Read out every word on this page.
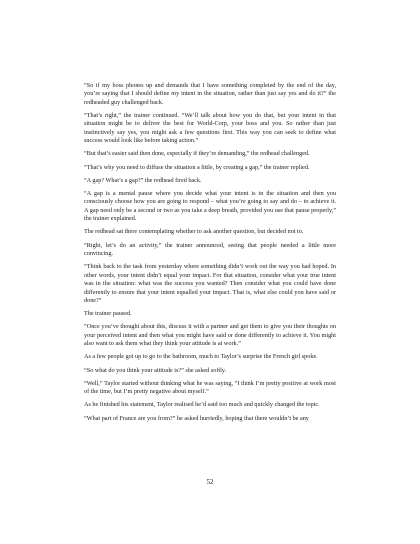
“So if my boss phones up and demands that I have something completed by the end of the day, you’re saying that I should define my intent in the situation, rather than just say yes and do it?” the redheaded guy challenged back.

“That’s right,” the trainer continued. “We’ll talk about how you do that, but your intent in that situation might be to deliver the best for World-Corp, your boss and you. So rather than just instinctively say yes, you might ask a few questions first. This way you can seek to define what success would look like before taking action.”

“But that’s easier said then done, especially if they’re demanding,” the redhead challenged.

“That’s why you need to diffuse the situation a little, by creating a gap,” the trainer replied.

“A gap? What’s a gap?” the redhead fired back.

“A gap is a mental pause where you decide what your intent is in the situation and then you consciously choose how you are going to respond – what you’re going to say and do – to achieve it. A gap need only be a second or two as you take a deep breath, provided you use that pause properly,” the trainer explained.

The redhead sat there contemplating whether to ask another question, but decided not to.

“Right, let’s do an activity,” the trainer announced, seeing that people needed a little more convincing.

“Think back to the task from yesterday where something didn’t work out the way you had hoped. In other words, your intent didn’t equal your impact. For that situation, consider what your true intent was in the situation: what was the success you wanted? Then consider what you could have done differently to ensure that your intent equalled your impact. That is, what else could you have said or done?”

The trainer paused.

“Once you’ve thought about this, discuss it with a partner and get them to give you their thoughts on your perceived intent and then what you might have said or done differently to achieve it. You might also want to ask them what they think your attitude is at work.”

As a few people got up to go to the bathroom, much to Taylor’s surprise the French girl spoke.

“So what do you think your attitude is?” she asked softly.

“Well,” Taylor started without thinking what he was saying, “I think I’m pretty positive at work most of the time, but I’m pretty negative about myself.”

As he finished his statement, Taylor realised he’d said too much and quickly changed the topic.

“What part of France are you from?” he asked hurriedly, hoping that there wouldn’t be any

52
